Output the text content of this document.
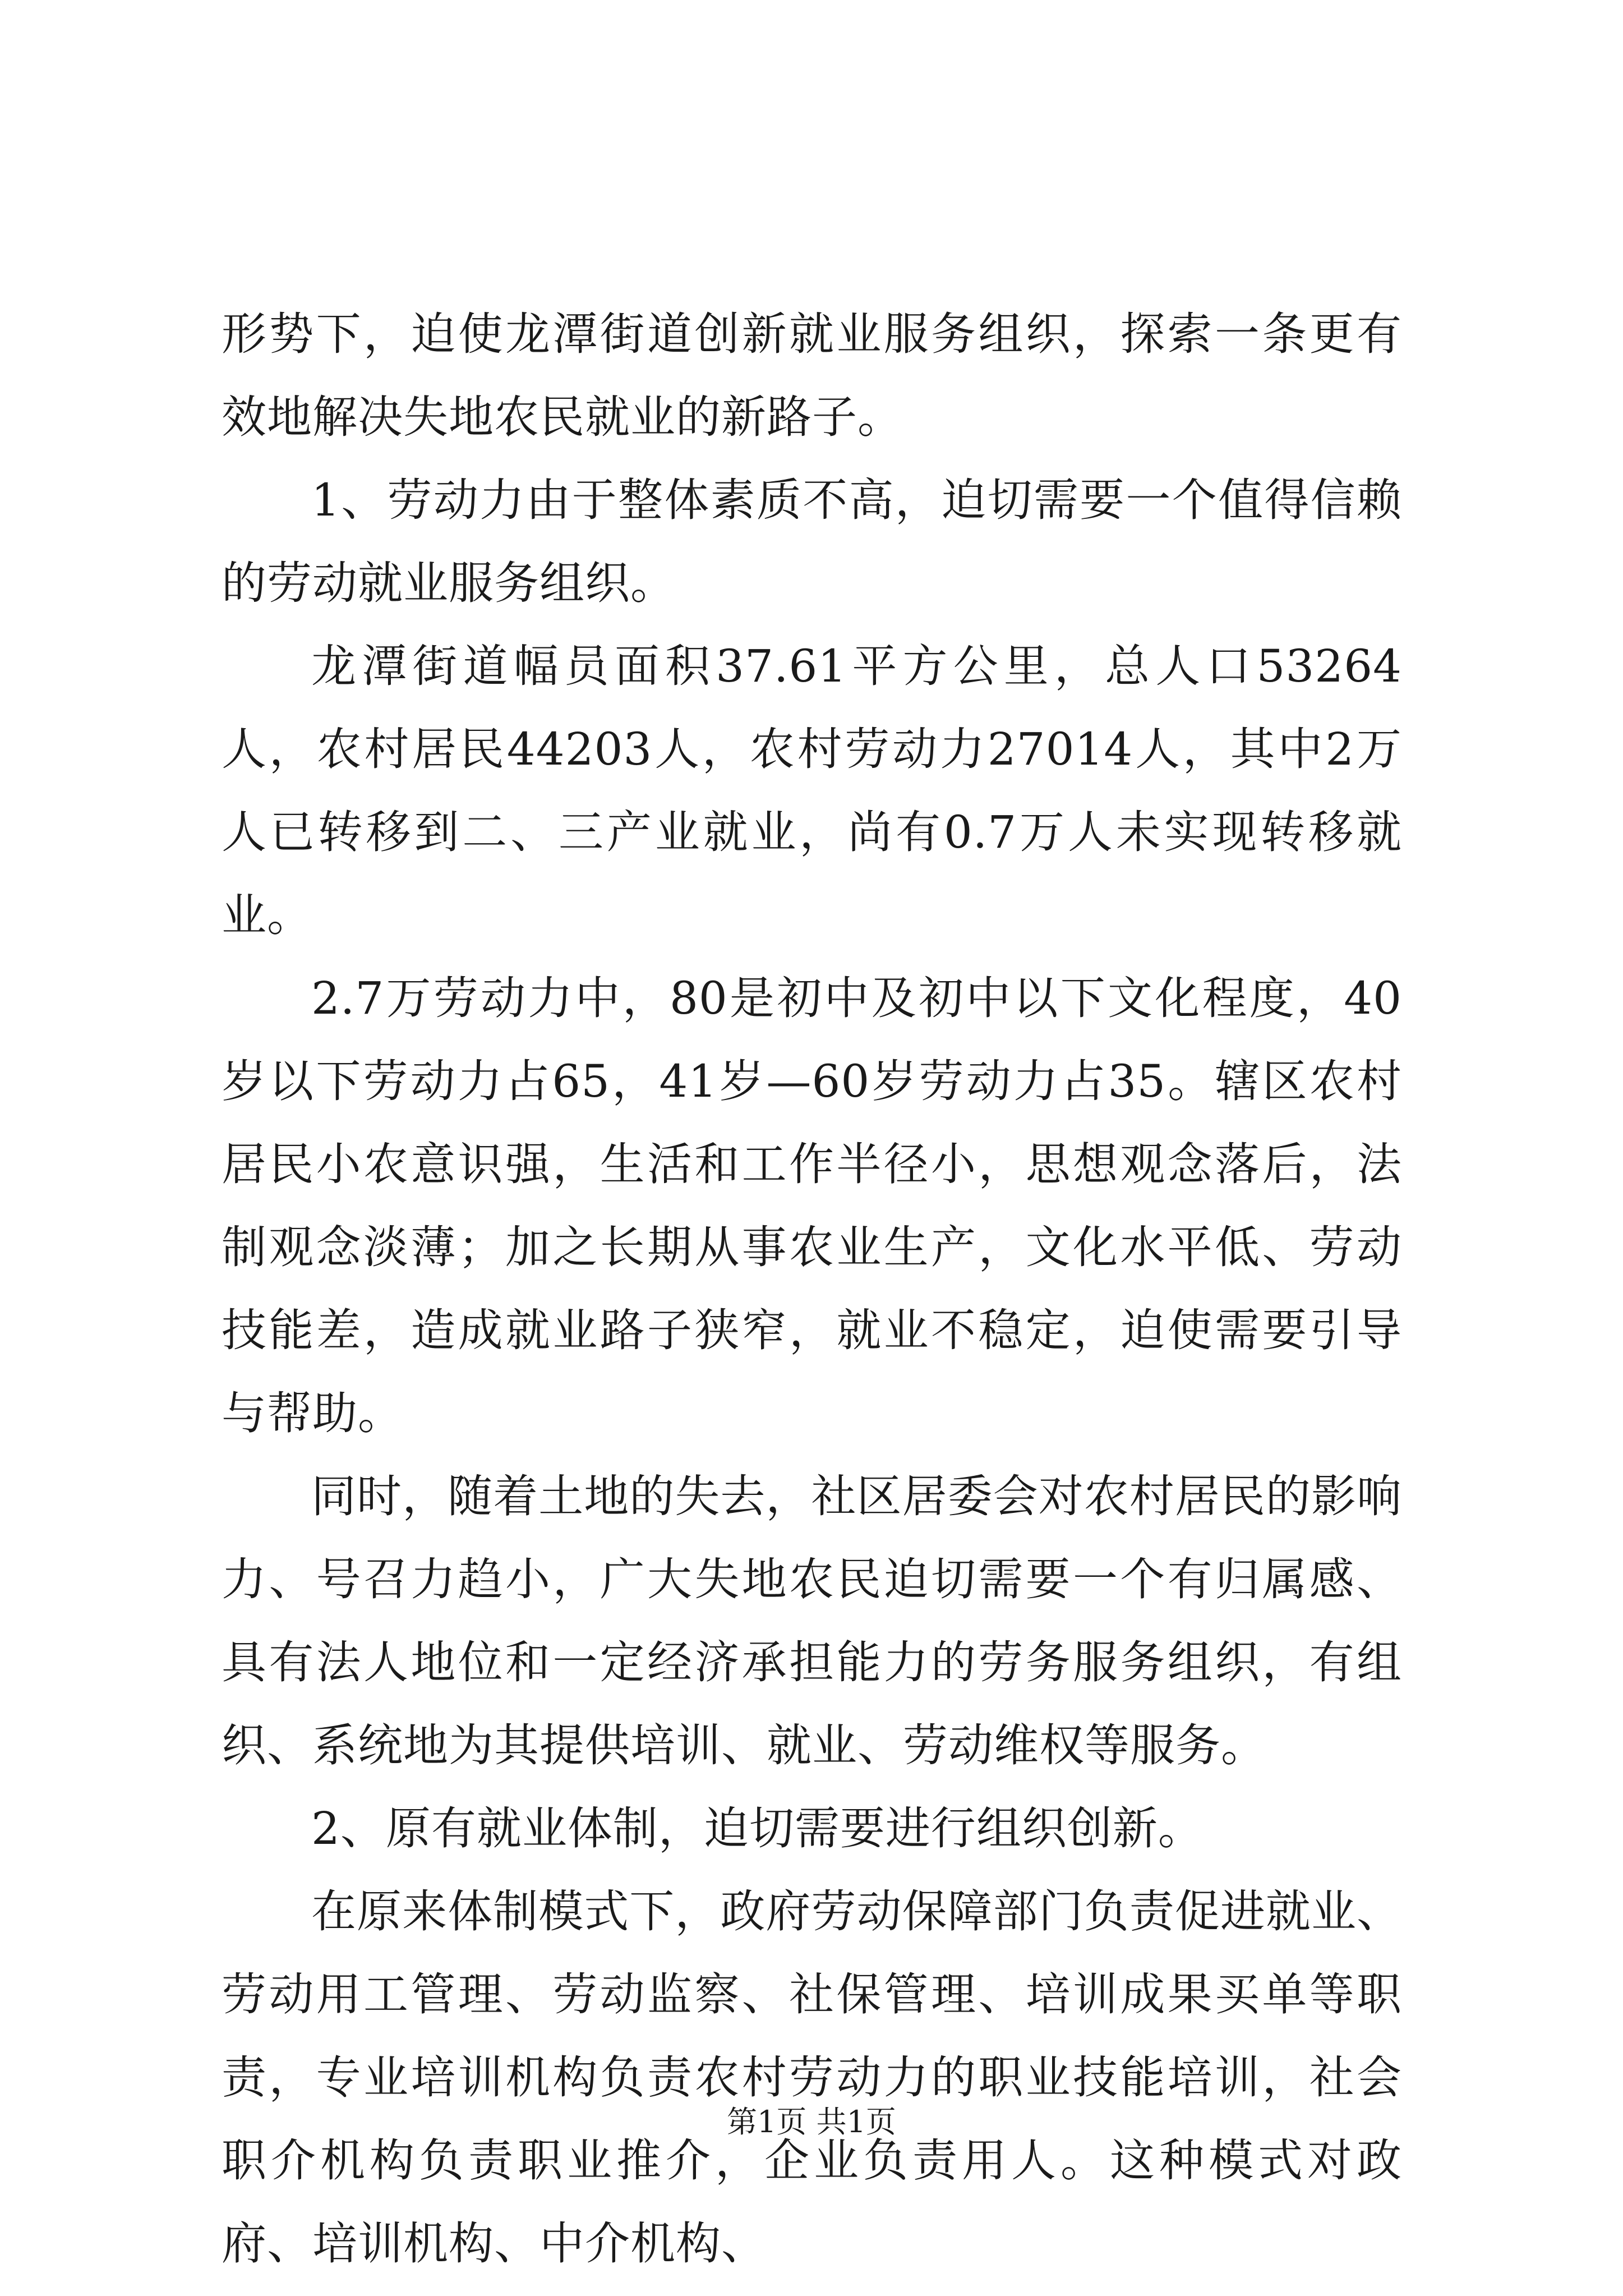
形势下，迫使龙潭街道创新就业服务组织，探索一条更有效地解决失地农民就业的新路子。

1、劳动力由于整体素质不高，迫切需要一个值得信赖的劳动就业服务组织。

龙潭街道幅员面积37.61平方公里，总人口53264人，农村居民44203人，农村劳动力27014人，其中2万人已转移到二、三产业就业，尚有0.7万人未实现转移就业。

2.7万劳动力中，80是初中及初中以下文化程度，40岁以下劳动力占65，41岁—60岁劳动力占35。辖区农村居民小农意识强，生活和工作半径小，思想观念落后，法制观念淡薄；加之长期从事农业生产，文化水平低、劳动技能差，造成就业路子狭窄，就业不稳定，迫使需要引导与帮助。

同时，随着土地的失去，社区居委会对农村居民的影响力、号召力趋小，广大失地农民迫切需要一个有归属感、具有法人地位和一定经济承担能力的劳务服务组织，有组织、系统地为其提供培训、就业、劳动维权等服务。

2、原有就业体制，迫切需要进行组织创新。

在原来体制模式下，政府劳动保障部门负责促进就业、劳动用工管理、劳动监察、社保管理、培训成果买单等职责，专业培训机构负责农村劳动力的职业技能培训，社会职介机构负责职业推介，企业负责用人。这种模式对政府、培训机构、中介机构、

第1页 共1页
